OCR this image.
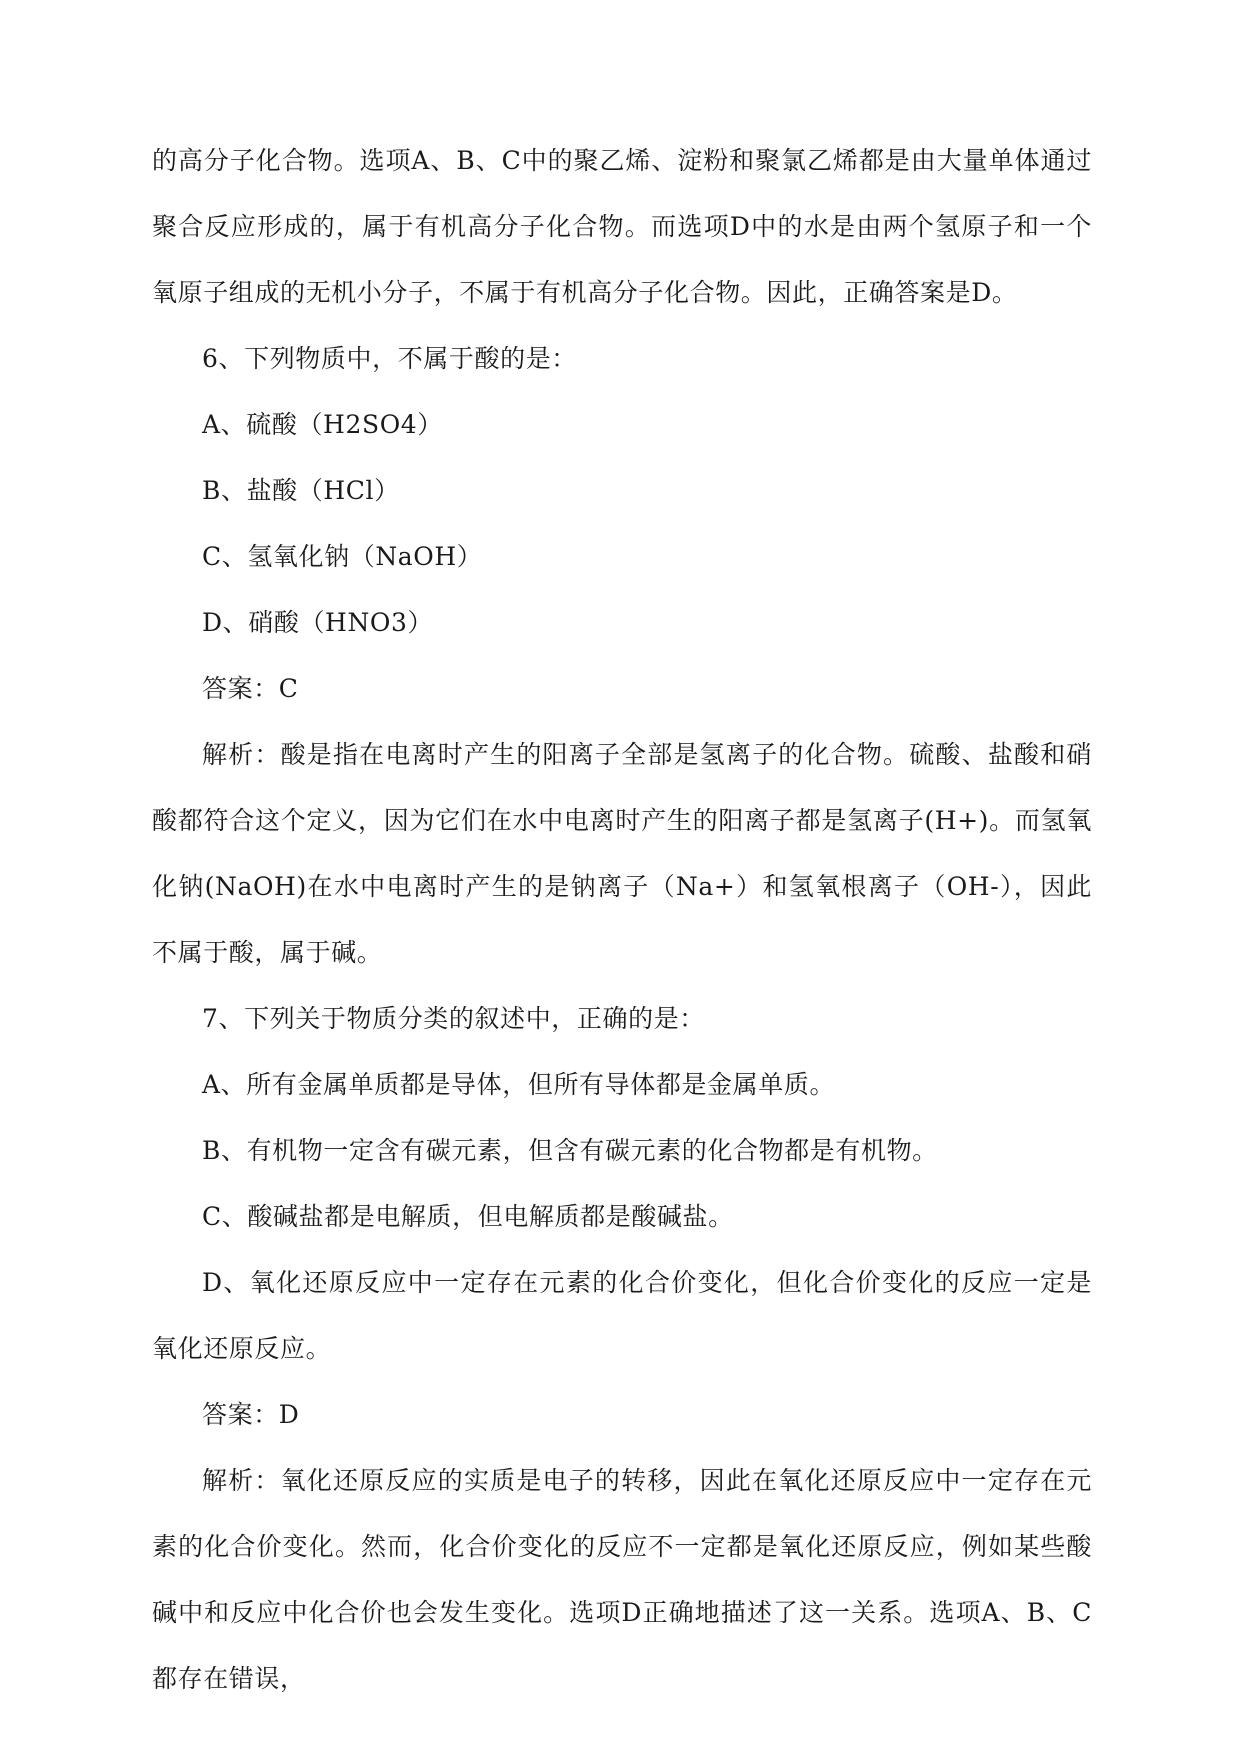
的高分子化合物。选项A、B、C中的聚乙烯、淀粉和聚氯乙烯都是由大量单体通过聚合反应形成的，属于有机高分子化合物。而选项D中的水是由两个氢原子和一个氧原子组成的无机小分子，不属于有机高分子化合物。因此，正确答案是D。

6、下列物质中，不属于酸的是：

A、硫酸（H2SO4）

B、盐酸（HCl）

C、氢氧化钠（NaOH）

D、硝酸（HNO3）

答案：C

解析：酸是指在电离时产生的阳离子全部是氢离子的化合物。硫酸、盐酸和硝酸都符合这个定义，因为它们在水中电离时产生的阳离子都是氢离子(H+)。而氢氧化钠(NaOH)在水中电离时产生的是钠离子（Na+）和氢氧根离子（OH-），因此不属于酸，属于碱。

7、下列关于物质分类的叙述中，正确的是：

A、所有金属单质都是导体，但所有导体都是金属单质。

B、有机物一定含有碳元素，但含有碳元素的化合物都是有机物。

C、酸碱盐都是电解质，但电解质都是酸碱盐。

D、氧化还原反应中一定存在元素的化合价变化，但化合价变化的反应一定是氧化还原反应。

答案：D

解析：氧化还原反应的实质是电子的转移，因此在氧化还原反应中一定存在元素的化合价变化。然而，化合价变化的反应不一定都是氧化还原反应，例如某些酸碱中和反应中化合价也会发生变化。选项D正确地描述了这一关系。选项A、B、C都存在错误，
